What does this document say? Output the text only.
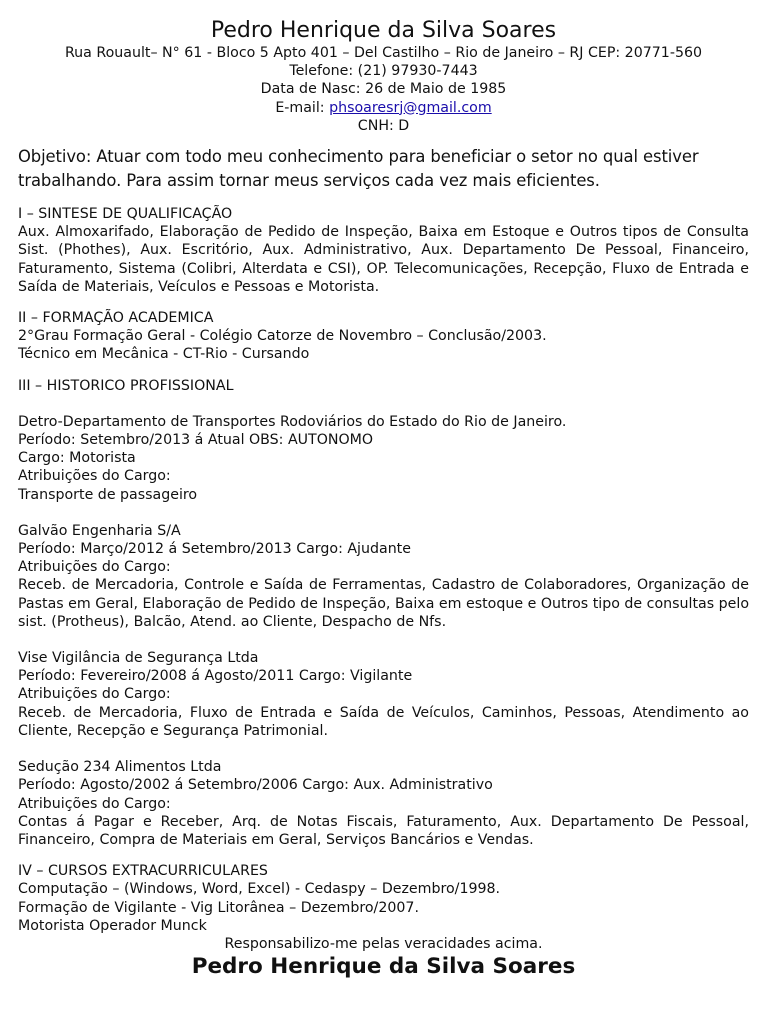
Pedro Henrique da Silva Soares
Rua Rouault– N° 61 - Bloco 5 Apto 401 – Del Castilho – Rio de Janeiro – RJ CEP: 20771-560
Telefone: (21) 97930-7443
Data de Nasc: 26 de Maio de 1985
E-mail: phsoaresrj@gmail.com
CNH: D
Objetivo: Atuar com todo meu conhecimento para beneficiar o setor no qual estiver trabalhando. Para assim tornar meus serviços cada vez mais eficientes.
I – SINTESE DE QUALIFICAÇÃO
Aux. Almoxarifado, Elaboração de Pedido de Inspeção, Baixa em Estoque e Outros tipos de Consulta Sist. (Phothes), Aux. Escritório, Aux. Administrativo, Aux. Departamento De Pessoal, Financeiro, Faturamento, Sistema (Colibri, Alterdata e CSI), OP. Telecomunicações, Recepção, Fluxo de Entrada e Saída de Materiais, Veículos e Pessoas e Motorista.
II – FORMAÇÃO ACADEMICA
2°Grau Formação Geral - Colégio Catorze de Novembro – Conclusão/2003.
Técnico em Mecânica - CT-Rio - Cursando
III – HISTORICO PROFISSIONAL
Detro-Departamento de Transportes Rodoviários do Estado do Rio de Janeiro.
Período: Setembro/2013 á Atual OBS: AUTONOMO
Cargo: Motorista
Atribuições do Cargo:
Transporte de passageiro
Galvão Engenharia S/A
Período: Março/2012 á Setembro/2013 Cargo: Ajudante
Atribuições do Cargo:
Receb. de Mercadoria, Controle e Saída de Ferramentas, Cadastro de Colaboradores, Organização de Pastas em Geral, Elaboração de Pedido de Inspeção, Baixa em estoque e Outros tipo de consultas pelo sist. (Protheus), Balcão, Atend. ao Cliente, Despacho de Nfs.
Vise Vigilância de Segurança Ltda
Período: Fevereiro/2008 á Agosto/2011 Cargo: Vigilante
Atribuições do Cargo:
Receb. de Mercadoria, Fluxo de Entrada e Saída de Veículos, Caminhos, Pessoas, Atendimento ao Cliente, Recepção e Segurança Patrimonial.
Sedução 234 Alimentos Ltda
Período: Agosto/2002 á Setembro/2006 Cargo: Aux. Administrativo
Atribuições do Cargo:
Contas á Pagar e Receber, Arq. de Notas Fiscais, Faturamento, Aux. Departamento De Pessoal, Financeiro, Compra de Materiais em Geral, Serviços Bancários e Vendas.
IV – CURSOS EXTRACURRICULARES
Computação – (Windows, Word, Excel) - Cedaspy – Dezembro/1998.
Formação de Vigilante - Vig Litorânea – Dezembro/2007.
Motorista Operador Munck
Responsabilizo-me pelas veracidades acima.
Pedro Henrique da Silva Soares
